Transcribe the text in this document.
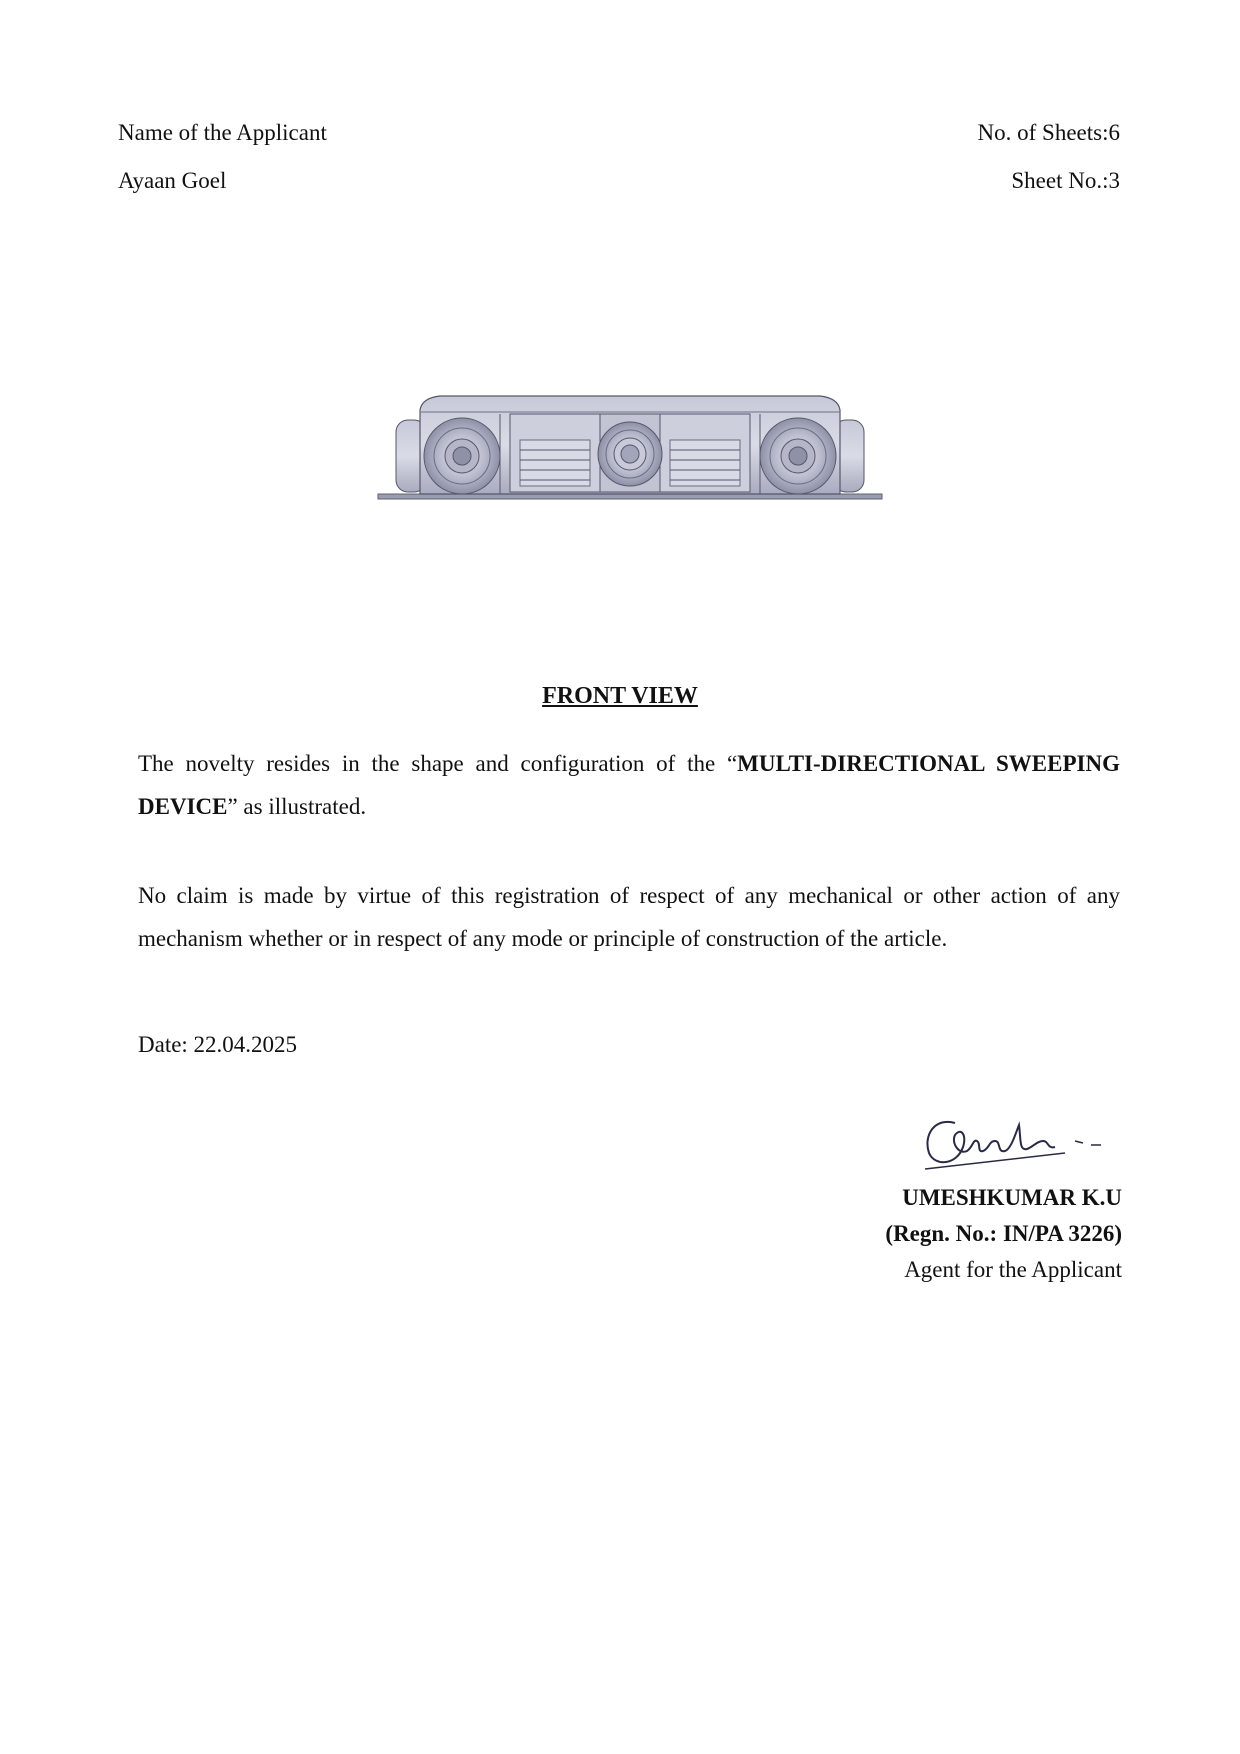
Name of the Applicant
Ayaan Goel
No. of Sheets:6
Sheet No.:3
FRONT VIEW
The novelty resides in the shape and configuration of the “MULTI-DIRECTIONAL SWEEPING DEVICE” as illustrated.
No claim is made by virtue of this registration of respect of any mechanical or other action of any mechanism whether or in respect of any mode or principle of construction of the article.
Date: 22.04.2025
UMESHKUMAR K.U
(Regn. No.: IN/PA 3226)
Agent for the Applicant
